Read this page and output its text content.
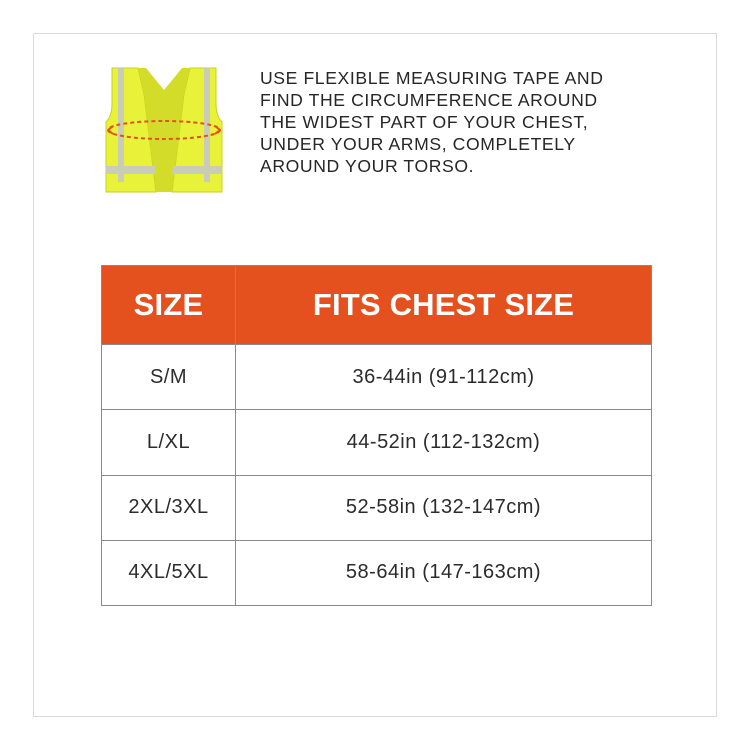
USE FLEXIBLE MEASURING TAPE AND
FIND THE CIRCUMFERENCE AROUND
THE WIDEST PART OF YOUR CHEST,
UNDER YOUR ARMS, COMPLETELY
AROUND YOUR TORSO.
SIZE	FITS CHEST SIZE
S/M	36-44in (91-112cm)
L/XL	44-52in (112-132cm)
2XL/3XL	52-58in (132-147cm)
4XL/5XL	58-64in (147-163cm)
